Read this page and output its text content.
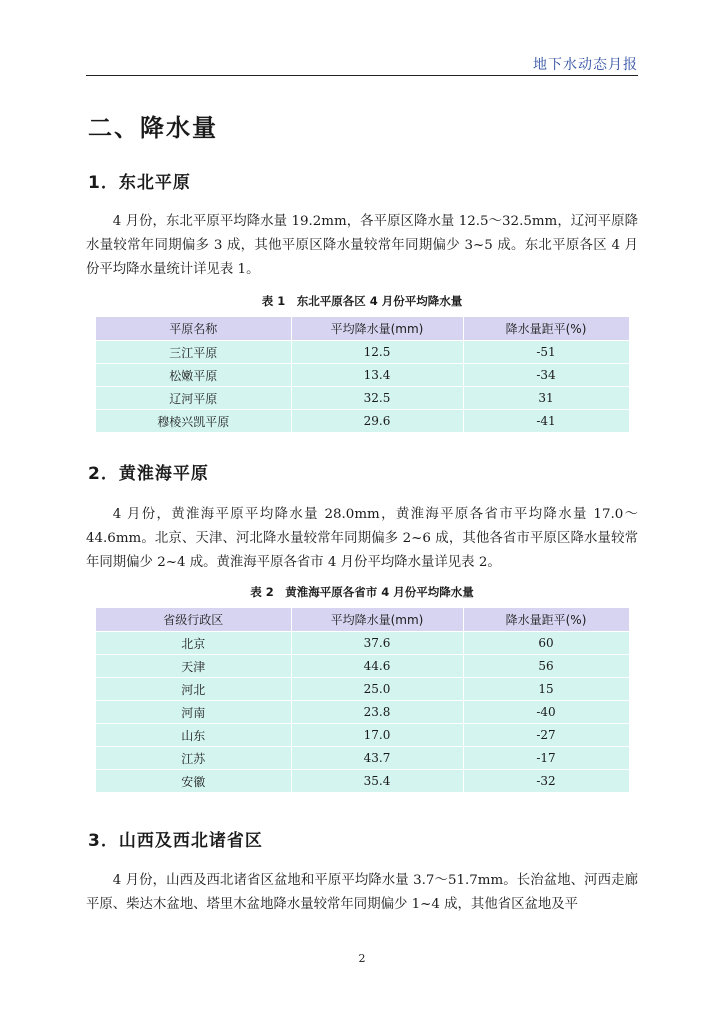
地下水动态月报
二、降水量
1．东北平原
4 月份，东北平原平均降水量 19.2mm，各平原区降水量 12.5～32.5mm，辽河平原降水量较常年同期偏多 3 成，其他平原区降水量较常年同期偏少 3~5 成。东北平原各区 4 月份平均降水量统计详见表 1。
表 1　东北平原各区 4 月份平均降水量
平原名称	平均降水量(mm)	降水量距平(%)
三江平原	12.5	-51
松嫩平原	13.4	-34
辽河平原	32.5	31
穆棱兴凯平原	29.6	-41
2．黄淮海平原
4 月份，黄淮海平原平均降水量 28.0mm，黄淮海平原各省市平均降水量 17.0～44.6mm。北京、天津、河北降水量较常年同期偏多 2~6 成，其他各省市平原区降水量较常年同期偏少 2~4 成。黄淮海平原各省市 4 月份平均降水量详见表 2。
表 2　黄淮海平原各省市 4 月份平均降水量
省级行政区	平均降水量(mm)	降水量距平(%)
北京	37.6	60
天津	44.6	56
河北	25.0	15
河南	23.8	-40
山东	17.0	-27
江苏	43.7	-17
安徽	35.4	-32
3．山西及西北诸省区
4 月份，山西及西北诸省区盆地和平原平均降水量 3.7～51.7mm。长治盆地、河西走廊平原、柴达木盆地、塔里木盆地降水量较常年同期偏少 1~4 成，其他省区盆地及平
2
